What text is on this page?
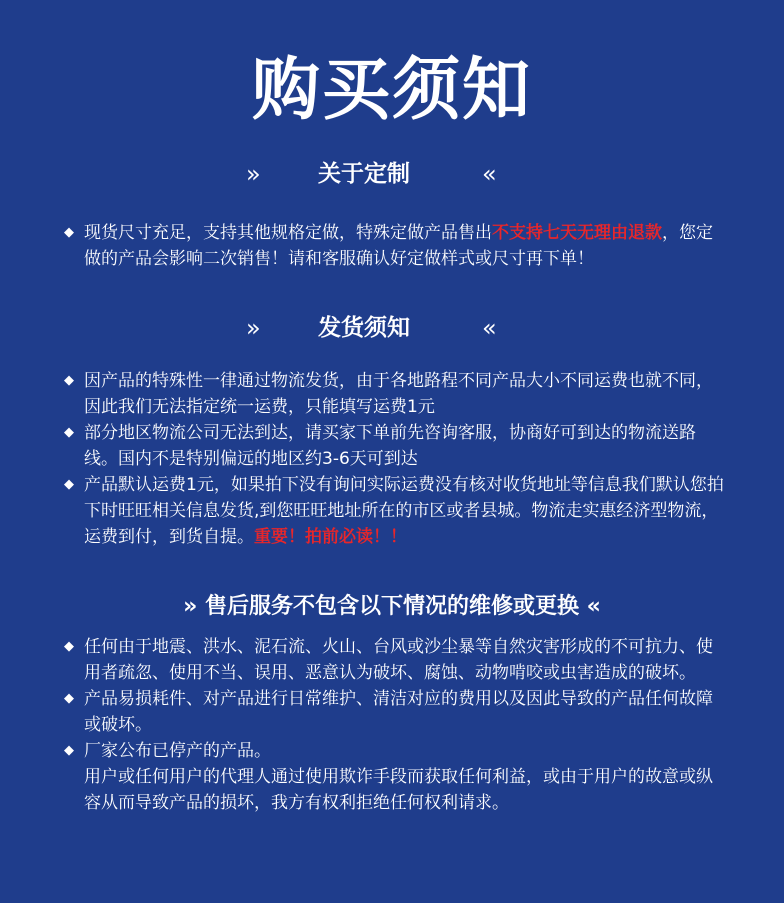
购买须知
» 关于定制	«
◆ 现货尺寸充足，支持其他规格定做，特殊定做产品售出不支持七天无理由退款，您定做的产品会影响二次销售！请和客服确认好定做样式或尺寸再下单！
» 发货须知	«
◆ 因产品的特殊性一律通过物流发货，由于各地路程不同产品大小不同运费也就不同，因此我们无法指定统一运费，只能填写运费1元
◆ 部分地区物流公司无法到达，请买家下单前先咨询客服，协商好可到达的物流送路线。国内不是特别偏远的地区约3-6天可到达
◆ 产品默认运费1元，如果拍下没有询问实际运费没有核对收货地址等信息我们默认您拍下时旺旺相关信息发货,到您旺旺地址所在的市区或者县城。物流走实惠经济型物流，运费到付，到货自提。重要！拍前必读！！
» 售后服务不包含以下情况的维修或更换 «
◆ 任何由于地震、洪水、泥石流、火山、台风或沙尘暴等自然灾害形成的不可抗力、使用者疏忽、使用不当、误用、恶意认为破坏、腐蚀、动物啃咬或虫害造成的破坏。
◆ 产品易损耗件、对产品进行日常维护、清洁对应的费用以及因此导致的产品任何故障或破坏。
◆ 厂家公布已停产的产品。
用户或任何用户的代理人通过使用欺诈手段而获取任何利益，或由于用户的故意或纵容从而导致产品的损坏，我方有权利拒绝任何权利请求。
